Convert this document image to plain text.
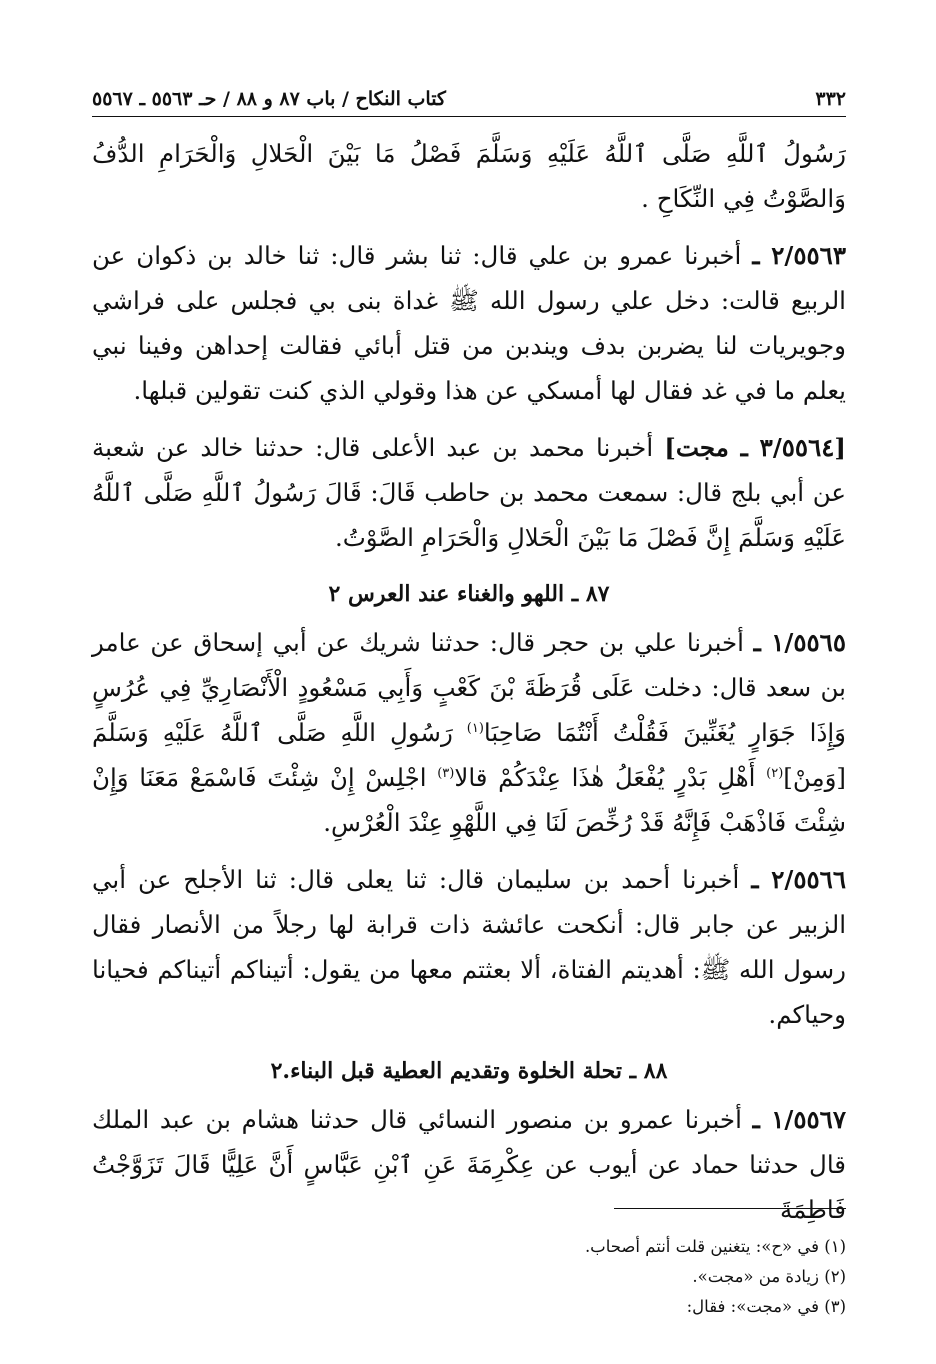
٣٣٢
كتاب النكاح / باب ٨٧ و ٨٨ / حـ ٥٥٦٣ ـ ٥٥٦٧

رَسُولُ ٱللَّهِ صَلَّى ٱللَّهُ عَلَيْهِ وَسَلَّمَ فَصْلُ مَا بَيْنَ الْحَلالِ وَالْحَرَامِ الدُّفُ وَالصَّوْتُ فِي النِّكَاحِ .

٢/٥٥٦٣ ـ أخبرنا عمرو بن علي قال: ثنا بشر قال: ثنا خالد بن ذكوان عن الربيع قالت: دخل علي رسول الله ﷺ غداة بنى بي فجلس على فراشي وجويريات لنا يضربن بدف ويندبن من قتل أبائي فقالت إحداهن وفينا نبي يعلم ما في غد فقال لها أمسكي عن هذا وقولي الذي كنت تقولين قبلها.

[٣/٥٥٦٤ ـ مجت] أخبرنا محمد بن عبد الأعلى قال: حدثنا خالد عن شعبة عن أبي بلج قال: سمعت محمد بن حاطب قَالَ: قَالَ رَسُولُ ٱللَّهِ صَلَّى ٱللَّهُ عَلَيْهِ وَسَلَّمَ إِنَّ فَصْلَ مَا بَيْنَ الْحَلالِ وَالْحَرَامِ الصَّوْتُ.

٨٧ ـ اللهو والغناء عند العرس ٢

١/٥٥٦٥ ـ أخبرنا علي بن حجر قال: حدثنا شريك عن أبي إسحاق عن عامر بن سعد قال: دخلت عَلَى قُرَظَةَ بْنَ كَعْبٍ وَأَبِي مَسْعُودٍ الْأَنْصَارِيِّ فِي عُرُسٍ وَإِذَا جَوَارٍ يُغَنِّينَ فَقُلْتُ أَنْتُمَا صَاحِبَا$^{(١)}$ رَسُولِ اللَّهِ صَلَّى ٱللَّهُ عَلَيْهِ وَسَلَّمَ [وَمِنْ]$^{(٢)}$ أَهْلِ بَدْرٍ يُفْعَلُ هٰذَا عِنْدَكُمْ قالا$^{(٣)}$ اجْلِسْ إِنْ شِئْتَ فَاسْمَعْ مَعَنَا وَإِنْ شِئْتَ فَاذْهَبْ فَإِنَّهُ قَدْ رُخِّصَ لَنَا فِي اللَّهْوِ عِنْدَ الْعُرْسِ.

٢/٥٥٦٦ ـ أخبرنا أحمد بن سليمان قال: ثنا يعلى قال: ثنا الأجلح عن أبي الزبير عن جابر قال: أنكحت عائشة ذات قرابة لها رجلاً من الأنصار فقال رسول الله ﷺ: أهديتم الفتاة، ألا بعثتم معها من يقول: أتيناكم أتيناكم فحيانا وحياكم.

٨٨ ـ تحلة الخلوة وتقديم العطية قبل البناء.٢

١/٥٥٦٧ ـ أخبرنا عمرو بن منصور النسائي قال حدثنا هشام بن عبد الملك قال حدثنا حماد عن أيوب عن عِكْرِمَةَ عَنِ ٱبْنِ عَبَّاسٍ أَنَّ عَلِيًّا قَالَ تَزَوَّجْتُ فَاطِمَةَ

(١) في «ح»: يتغنين قلت أنتم أصحاب.
(٢) زيادة من «مجت».
(٣) في «مجت»: فقال:
